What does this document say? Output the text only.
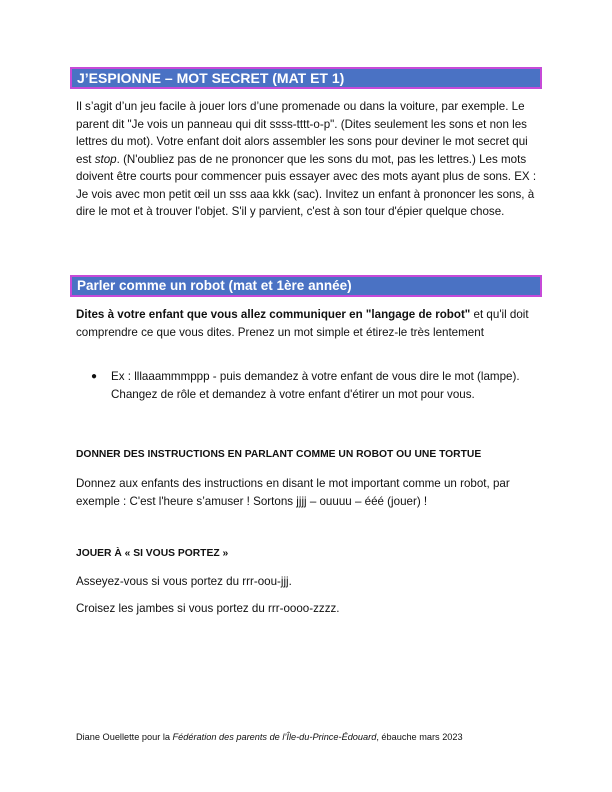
J’ESPIONNE – MOT SECRET (MAT ET 1)

Il s’agit d’un jeu facile à jouer lors d’une promenade ou dans la voiture, par exemple. Le parent dit "Je vois un panneau qui dit ssss-tttt-o-p". (Dites seulement les sons et non les lettres du mot). Votre enfant doit alors assembler les sons pour deviner le mot secret qui est stop. (N'oubliez pas de ne prononcer que les sons du mot, pas les lettres.) Les mots doivent être courts pour commencer puis essayer avec des mots ayant plus de sons. EX : Je vois avec mon petit œil un sss aaa kkk (sac). Invitez un enfant à prononcer les sons, à dire le mot et à trouver l'objet. S'il y parvient, c'est à son tour d'épier quelque chose.

Parler comme un robot (mat et 1ère année)

Dites à votre enfant que vous allez communiquer en "langage de robot" et qu'il doit comprendre ce que vous dites. Prenez un mot simple et étirez-le très lentement

● Ex : lllaaammmppp - puis demandez à votre enfant de vous dire le mot (lampe). Changez de rôle et demandez à votre enfant d'étirer un mot pour vous.
DONNER DES INSTRUCTIONS EN PARLANT COMME UN ROBOT OU UNE TORTUE

Donnez aux enfants des instructions en disant le mot important comme un robot, par exemple : C'est l'heure s’amuser ! Sortons jjjj – ouuuu – ééé (jouer) !

JOUER À « SI VOUS PORTEZ »

Asseyez-vous si vous portez du rrr-oou-jjj.

Croisez les jambes si vous portez du rrr-oooo-zzzz.

Diane Ouellette pour la Fédération des parents de l’Île-du-Prince-Édouard, ébauche mars 2023
